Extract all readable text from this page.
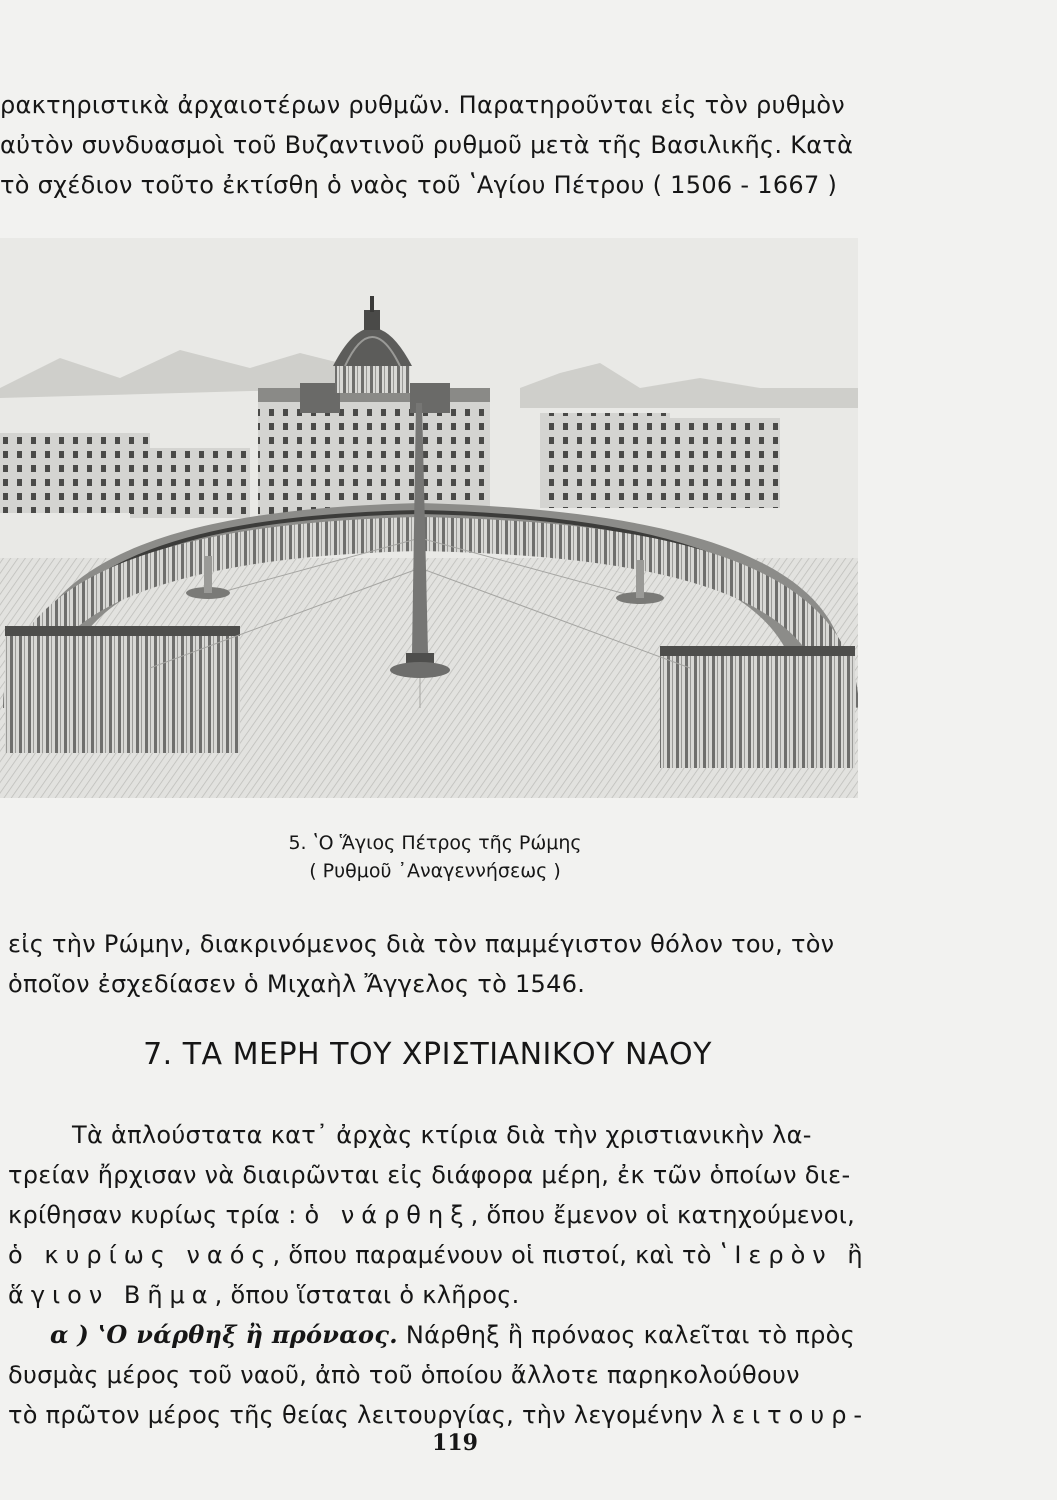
ρακτηριστικὰ ἀρχαιοτέρων ρυθμῶν. Παρατηροῦνται εἰς τὸν ρυθμὸν
αὐτὸν συνδυασμοὶ τοῦ Βυζαντινοῦ ρυθμοῦ μετὰ τῆς Βασιλικῆς. Κατὰ
τὸ σχέδιον τοῦτο ἐκτίσθη ὁ ναὸς τοῦ ʽΑγίου Πέτρου ( 1506 - 1667 )
5. ʽΟ Ἅγιος Πέτρος τῆς Ρώμης
( Ρυθμοῦ ᾿Αναγεννήσεως )
εἰς τὴν Ρώμην, διακρινόμενος διὰ τὸν παμμέγιστον θόλον του, τὸν
ὁποῖον ἐσχεδίασεν ὁ Μιχαὴλ Ἄγγελος τὸ 1546.
7. ΤΑ ΜΕΡΗ ΤΟΥ ΧΡΙΣΤΙΑΝΙΚΟΥ ΝΑΟΥ
Τὰ ἁπλούστατα κατ᾿ ἀρχὰς κτίρια διὰ τὴν χριστιανικὴν λα-
τρείαν ἤρχισαν νὰ διαιρῶνται εἰς διάφορα μέρη, ἐκ τῶν ὁποίων διε-
κρίθησαν κυρίως τρία : ὁ νάρθηξ, ὅπου ἔμενον οἱ κατηχούμενοι,
ὁ κυρίως ναός, ὅπου παραμένουν οἱ πιστοί, καὶ τὸ ʽΙερὸν ἢ
ἅγιον Βῆμα, ὅπου ἵσταται ὁ κλῆρος.
α ) ʽΟ νάρθηξ ἢ πρόναος. Νάρθηξ ἢ πρόναος καλεῖται τὸ πρὸς
δυσμὰς μέρος τοῦ ναοῦ, ἀπὸ τοῦ ὁποίου ἄλλοτε παρηκολούθουν
τὸ πρῶτον μέρος τῆς θείας λειτουργίας, τὴν λεγομένην λειτουρ-
119
